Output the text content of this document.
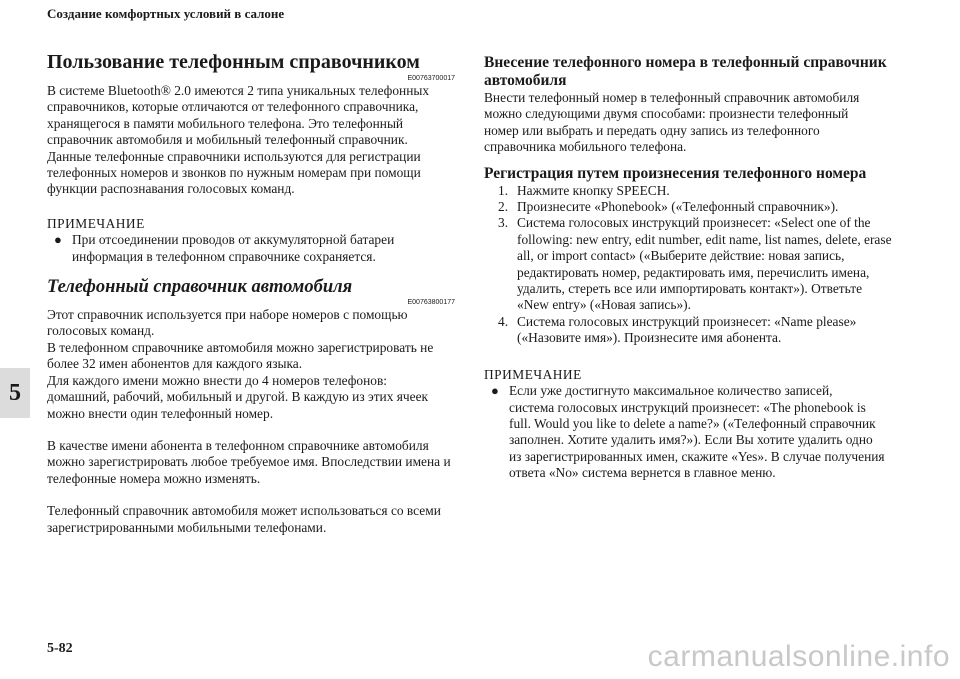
Создание комфортных условий в салоне
5
Пользование телефонным справочником
E00763700017
В системе Bluetooth® 2.0 имеются 2 типа уникальных телефонных
справочников, которые отличаются от телефонного справочника,
хранящегося в памяти мобильного телефона. Это телефонный
справочник автомобиля и мобильный телефонный справочник.
Данные телефонные справочники используются для регистрации
телефонных номеров и звонков по нужным номерам при помощи
функции распознавания голосовых команд.
ПРИМЕЧАНИЕ
● При отсоединении проводов от аккумуляторной батареи
информация в телефонном справочнике сохраняется.
Телефонный справочник автомобиля
E00763800177
Этот справочник используется при наборе номеров с помощью
голосовых команд.
В телефонном справочнике автомобиля можно зарегистрировать не
более 32 имен абонентов для каждого языка.
Для каждого имени можно внести до 4 номеров телефонов:
домашний, рабочий, мобильный и другой. В каждую из этих ячеек
можно внести один телефонный номер.
В качестве имени абонента в телефонном справочнике автомобиля
можно зарегистрировать любое требуемое имя. Впоследствии имена и
телефонные номера можно изменять.
Телефонный справочник автомобиля может использоваться со всеми
зарегистрированными мобильными телефонами.
Внесение телефонного номера в телефонный справочник
автомобиля
Внести телефонный номер в телефонный справочник автомобиля
можно следующими двумя способами: произнести телефонный
номер или выбрать и передать одну запись из телефонного
справочника мобильного телефона.
Регистрация путем произнесения телефонного номера
1. Нажмите кнопку SPEECH.
2. Произнесите «Phonebook» («Телефонный справочник»).
3. Система голосовых инструкций произнесет: «Select one of the
following: new entry, edit number, edit name, list names, delete, erase
all, or import contact» («Выберите действие: новая запись,
редактировать номер, редактировать имя, перечислить имена,
удалить, стереть все или импортировать контакт»). Ответьте
«New entry» («Новая запись»).
4. Система голосовых инструкций произнесет: «Name please»
(«Назовите имя»). Произнесите имя абонента.
ПРИМЕЧАНИЕ
● Если уже достигнуто максимальное количество записей,
система голосовых инструкций произнесет: «The phonebook is
full. Would you like to delete a name?» («Телефонный справочник
заполнен. Хотите удалить имя?»). Если Вы хотите удалить одно
из зарегистрированных имен, скажите «Yes». В случае получения
ответа «No» система вернется в главное меню.
5-82	carmanualsonline.info
